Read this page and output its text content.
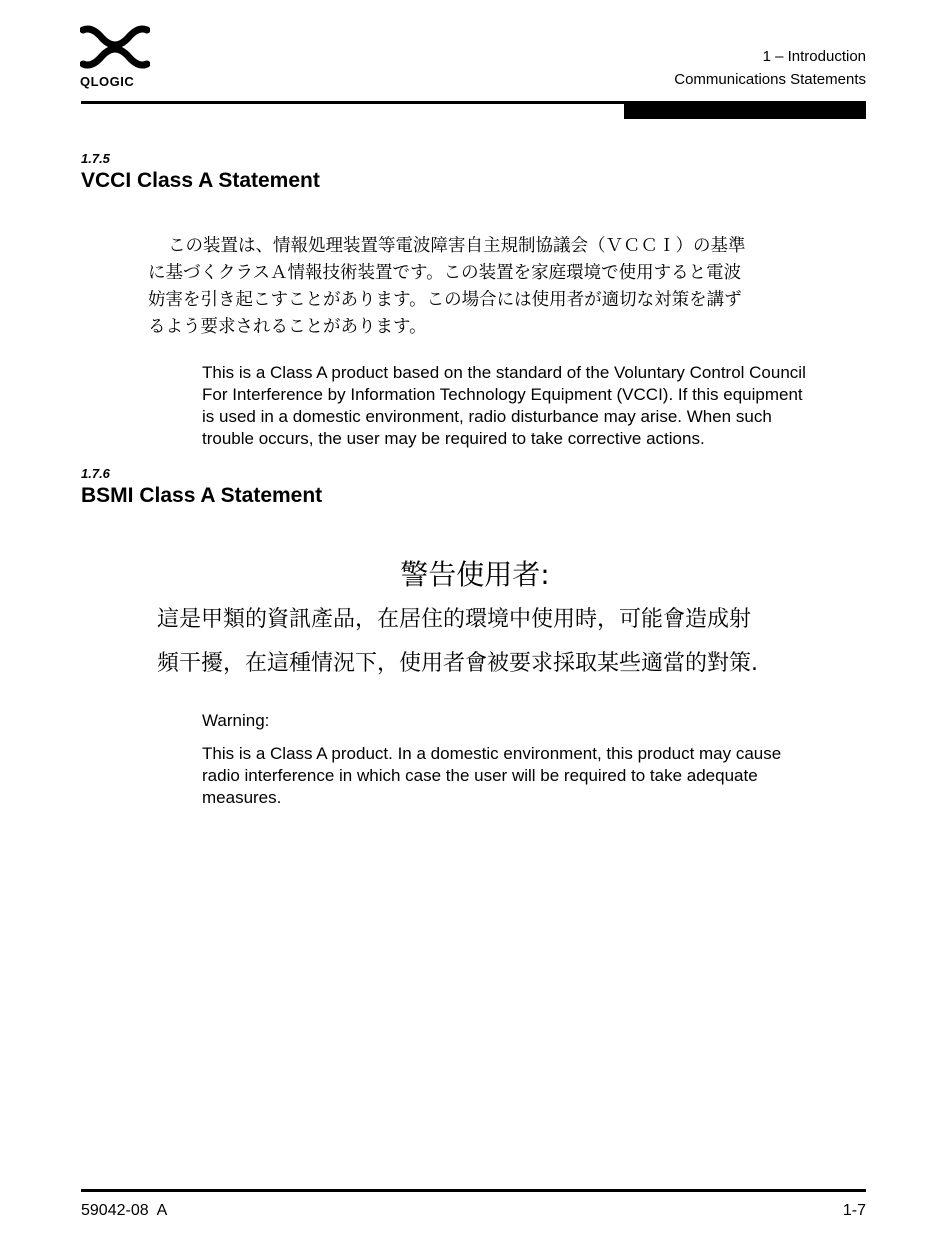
QLOGIC
1 – Introduction
Communications Statements
1.7.5
VCCI Class A Statement
この装置は、情報処理装置等電波障害自主規制協議会（ＶＣＣＩ）の基準
に基づくクラスＡ情報技術装置です。この装置を家庭環境で使用すると電波
妨害を引き起こすことがあります。この場合には使用者が適切な対策を講ず
るよう要求されることがあります。
This is a Class A product based on the standard of the Voluntary Control Council
For Interference by Information Technology Equipment (VCCI). If this equipment
is used in a domestic environment, radio disturbance may arise. When such
trouble occurs, the user may be required to take corrective actions.
1.7.6
BSMI Class A Statement
警告使用者:
這是甲類的資訊產品，在居住的環境中使用時，可能會造成射
頻干擾，在這種情況下，使用者會被要求採取某些適當的對策.
Warning:
This is a Class A product. In a domestic environment, this product may cause
radio interference in which case the user will be required to take adequate
measures.
59042-08  A	1-7
